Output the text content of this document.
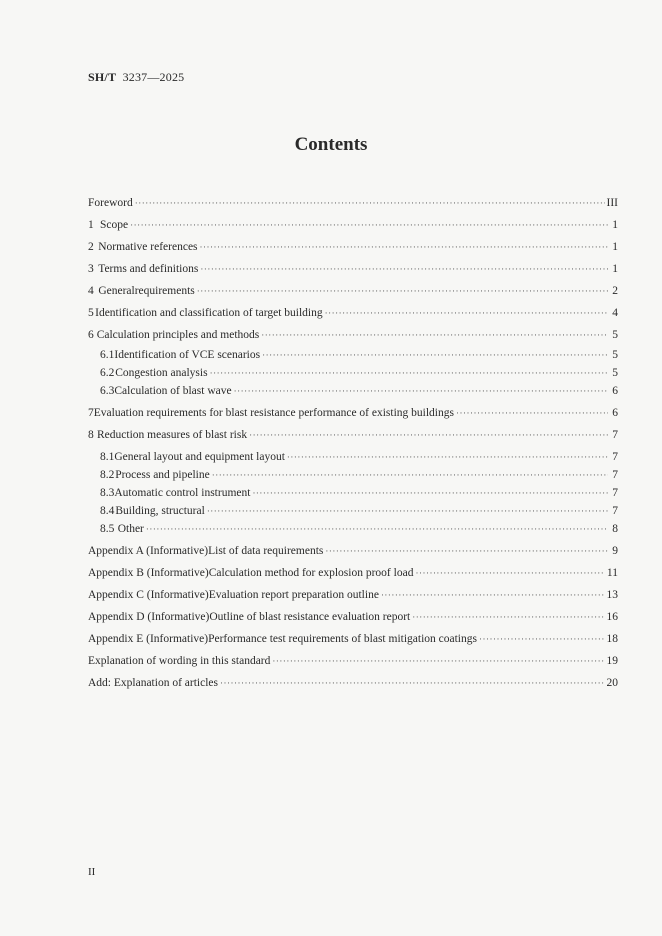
SH/T 3237—2025
Contents
Foreword ·····	III
1 Scope ·····	1
2 Normative references ·····	1
3 Terms and definitions ·····	1
4 Generalrequirements ·····	2
5 Identification and classification of target building ·····	4
6 Calculation principles and methods ·····	5
6.1 Identification of VCE scenarios ·····	5
6.2 Congestion analysis ·····	5
6.3 Calculation of blast wave ·····	6
7 Evaluation requirements for blast resistance performance of existing buildings ·····	6
8 Reduction measures of blast risk ·····	7
8.1 General layout and equipment layout ·····	7
8.2 Process and pipeline ·····	7
8.3 Automatic control instrument ·····	7
8.4 Building, structural ·····	7
8.5 Other ·····	8
Appendix A (Informative) List of data requirements ·····	9
Appendix B (Informative) Calculation method for explosion proof load ·····	11
Appendix C (Informative) Evaluation report preparation outline ·····	13
Appendix D (Informative) Outline of blast resistance evaluation report ·····	16
Appendix E (Informative) Performance test requirements of blast mitigation coatings ·····	18
Explanation of wording in this standard ·····	19
Add: Explanation of articles ·····	20
II
